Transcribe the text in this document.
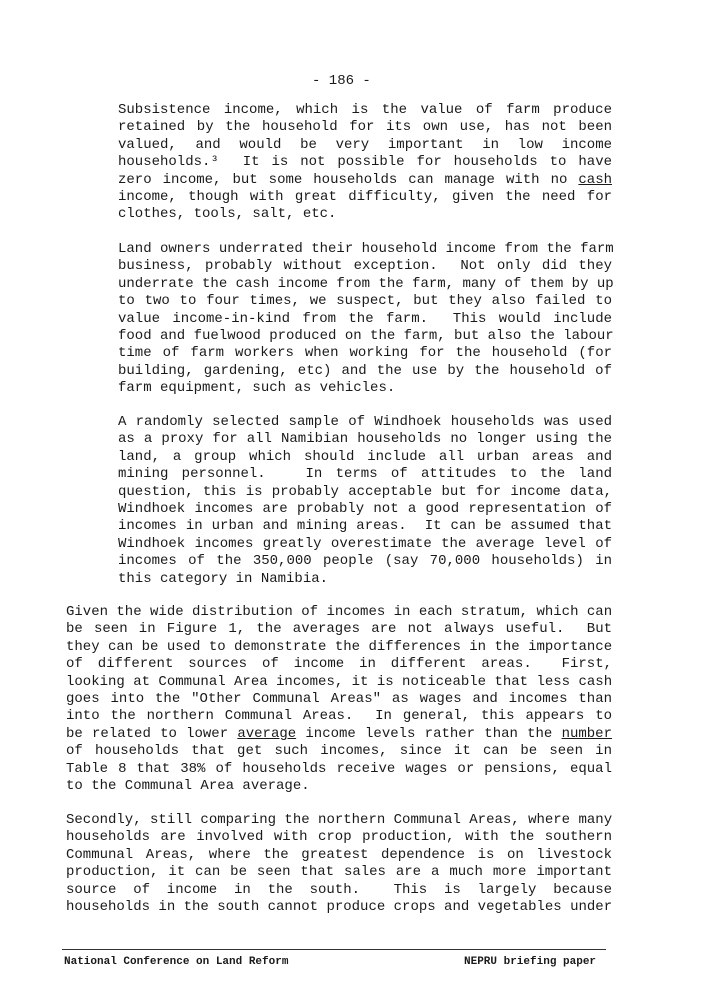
- 186 -
Subsistence income, which is the value of farm produce
retained by the household for its own use, has not been
valued, and would be very important in low income
households.³  It is not possible for households to have
zero income, but some households can manage with no cash
income, though with great difficulty, given the need for
clothes, tools, salt, etc.
Land owners underrated their household income from the farm
business, probably without exception.  Not only did they
underrate the cash income from the farm, many of them by up
to two to four times, we suspect, but they also failed to
value income-in-kind from the farm.  This would include
food and fuelwood produced on the farm, but also the labour
time of farm workers when working for the household (for
building, gardening, etc) and the use by the household of
farm equipment, such as vehicles.
A randomly selected sample of Windhoek households was used
as a proxy for all Namibian households no longer using the
land, a group which should include all urban areas and
mining personnel.   In terms of attitudes to the land
question, this is probably acceptable but for income data,
Windhoek incomes are probably not a good representation of
incomes in urban and mining areas.  It can be assumed that
Windhoek incomes greatly overestimate the average level of
incomes of the 350,000 people (say 70,000 households) in
this category in Namibia.
Given the wide distribution of incomes in each stratum, which can
be seen in Figure 1, the averages are not always useful.  But
they can be used to demonstrate the differences in the importance
of different sources of income in different areas.  First,
looking at Communal Area incomes, it is noticeable that less cash
goes into the "Other Communal Areas" as wages and incomes than
into the northern Communal Areas.  In general, this appears to
be related to lower average income levels rather than the number
of households that get such incomes, since it can be seen in
Table 8 that 38% of households receive wages or pensions, equal
to the Communal Area average.
Secondly, still comparing the northern Communal Areas, where many
households are involved with crop production, with the southern
Communal Areas, where the greatest dependence is on livestock
production, it can be seen that sales are a much more important
source of income in the south.  This is largely because
households in the south cannot produce crops and vegetables under
National Conference on Land Reform	NEPRU briefing paper
